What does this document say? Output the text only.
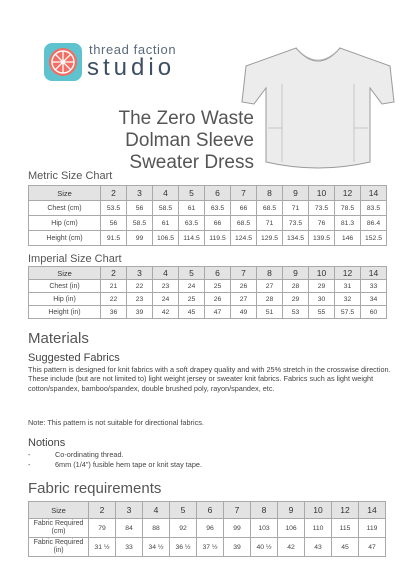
thread faction
studio
The Zero Waste
Dolman Sleeve
Sweater Dress
Metric Size Chart
Size	2	3	4	5	6	7	8	9	10	12	14
Chest (cm)	53.5	56	58.5	61	63.5	66	68.5	71	73.5	78.5	83.5
Hip (cm)	56	58.5	61	63.5	66	68.5	71	73.5	76	81.3	86.4
Height (cm)	91.5	99	106.5	114.5	119.5	124.5	129.5	134.5	139.5	146	152.5
Imperial Size Chart
Size	2	3	4	5	6	7	8	9	10	12	14
Chest (in)	21	22	23	24	25	26	27	28	29	31	33
Hip (in)	22	23	24	25	26	27	28	29	30	32	34
Height (in)	36	39	42	45	47	49	51	53	55	57.5	60
Materials
Suggested Fabrics
This pattern is designed for knit fabrics with a soft drapey quality and with 25% stretch in the crosswise direction. These include (but are not limited to) light weight jersey or sweater knit fabrics. Fabrics such as light weight cotton/spandex, bamboo/spandex, double brushed poly, rayon/spandex, etc.
Note: This pattern is not suitable for directional fabrics.
Notions
-	Co-ordinating thread.
-	6mm (1/4") fusible hem tape or knit stay tape.
Fabric requirements
Size	2	3	4	5	6	7	8	9	10	12	14
Fabric Required (cm)	79	84	88	92	96	99	103	106	110	115	119
Fabric Required (in)	31 ½	33	34 ½	36 ½	37 ½	39	40 ½	42	43	45	47
